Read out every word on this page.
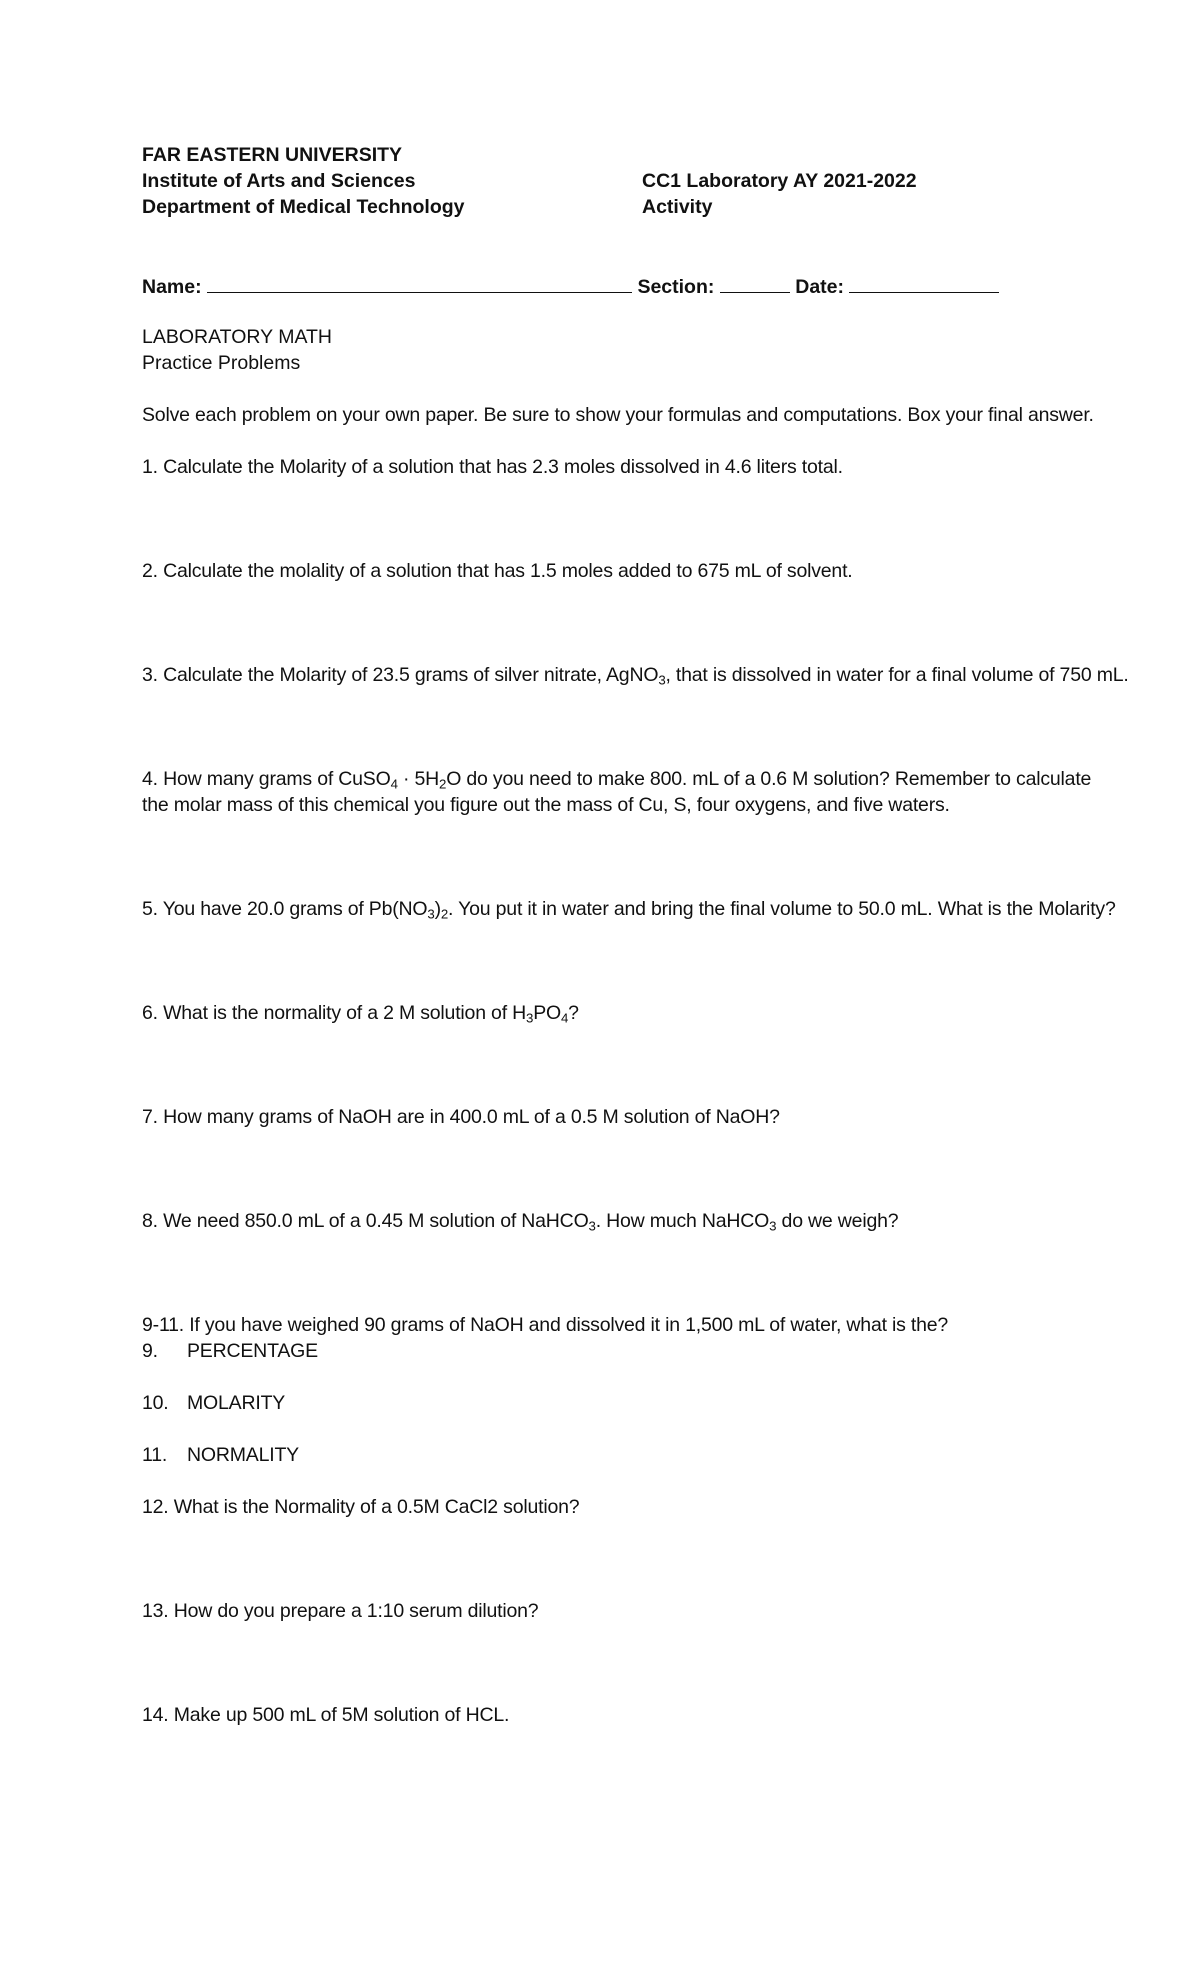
FAR EASTERN UNIVERSITY
Institute of Arts and Sciences
Department of Medical Technology
CC1 Laboratory AY 2021-2022
Activity
Name:	Section:	Date:
LABORATORY MATH
Practice Problems
Solve each problem on your own paper. Be sure to show your formulas and computations. Box your final answer.
1. Calculate the Molarity of a solution that has 2.3 moles dissolved in 4.6 liters total.
2. Calculate the molality of a solution that has 1.5 moles added to 675 mL of solvent.
3. Calculate the Molarity of 23.5 grams of silver nitrate, AgNO$_3$, that is dissolved in water for a final volume of 750 mL.
4. How many grams of CuSO$_4$ · $5H_2O$ do you need to make 800. mL of a 0.6 M solution? Remember to calculate
the molar mass of this chemical you figure out the mass of Cu, S, four oxygens, and five waters.
5. You have 20.0 grams of $Pb(NO_3)_2$. You put it in water and bring the final volume to 50.0 mL. What is the Molarity?
6. What is the normality of a 2 M solution of $H_3PO_4$?
7. How many grams of NaOH are in 400.0 mL of a 0.5 M solution of NaOH?
8. We need 850.0 mL of a 0.45 M solution of NaHCO$_3$. How much NaHCO$_3$ do we weigh?
9-11. If you have weighed 90 grams of NaOH and dissolved it in 1,500 mL of water, what is the?
9. PERCENTAGE
10. MOLARITY
11. NORMALITY
12. What is the Normality of a 0.5M CaCl2 solution?
13. How do you prepare a 1:10 serum dilution?
14. Make up 500 mL of 5M solution of HCL.
